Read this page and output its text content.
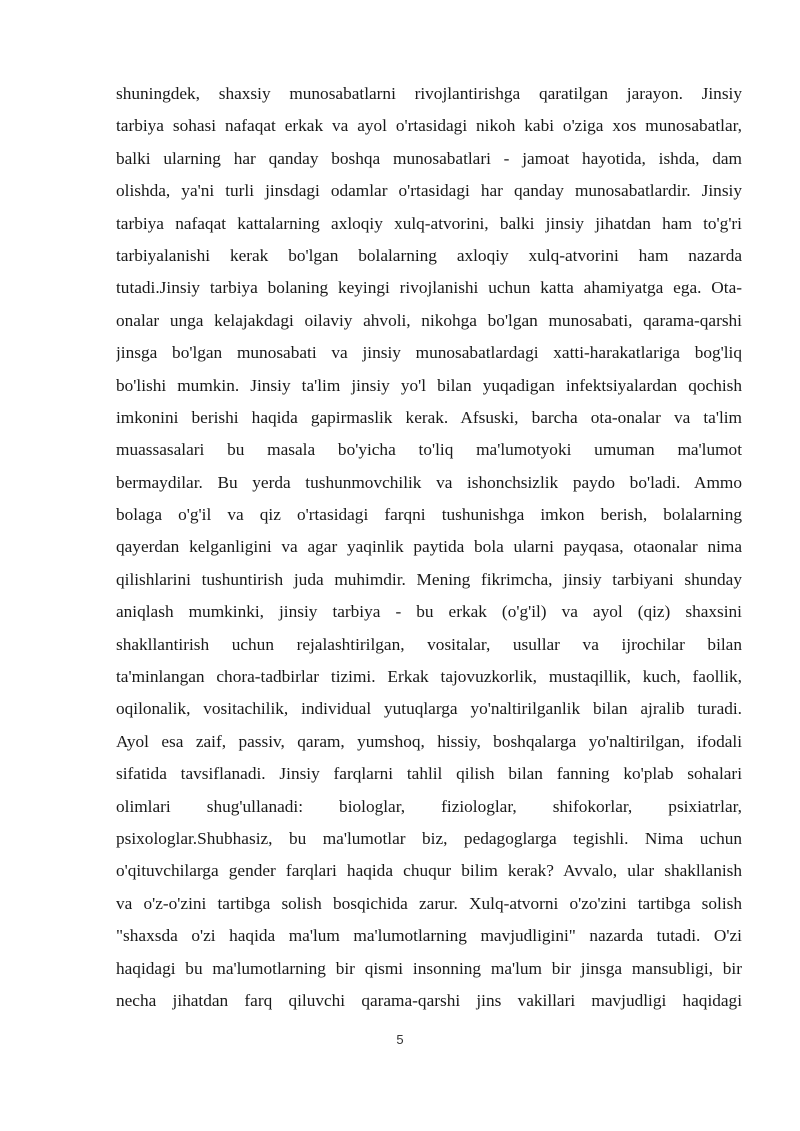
shuningdek, shaxsiy munosabatlarni rivojlantirishga qaratilgan jarayon. Jinsiy
tarbiya sohasi nafaqat erkak va ayol o'rtasidagi nikoh kabi o'ziga xos munosabatlar,
balki ularning har qanday boshqa munosabatlari - jamoat hayotida, ishda, dam
olishda, ya'ni turli jinsdagi odamlar o'rtasidagi har qanday munosabatlardir. Jinsiy
tarbiya nafaqat kattalarning axloqiy xulq-atvorini, balki jinsiy jihatdan ham to'g'ri
tarbiyalanishi kerak bo'lgan bolalarning axloqiy xulq-atvorini ham nazarda
tutadi.Jinsiy tarbiya bolaning keyingi rivojlanishi uchun katta ahamiyatga ega. Ota-
onalar unga kelajakdagi oilaviy ahvoli, nikohga bo'lgan munosabati, qarama-qarshi
jinsga bo'lgan munosabati va jinsiy munosabatlardagi xatti-harakatlariga bog'liq
bo'lishi mumkin. Jinsiy ta'lim jinsiy yo'l bilan yuqadigan infektsiyalardan qochish
imkonini berishi haqida gapirmaslik kerak. Afsuski, barcha ota-onalar va ta'lim
muassasalari bu masala bo'yicha to'liq ma'lumotyoki umuman ma'lumot
bermaydilar. Bu yerda tushunmovchilik va ishonchsizlik paydo bo'ladi. Ammo
bolaga o'g'il va qiz o'rtasidagi farqni tushunishga imkon berish, bolalarning
qayerdan kelganligini va agar yaqinlik paytida bola ularni payqasa, otaonalar nima
qilishlarini tushuntirish juda muhimdir. Mening fikrimcha, jinsiy tarbiyani shunday
aniqlash mumkinki, jinsiy tarbiya - bu erkak (o'g'il) va ayol (qiz) shaxsini
shakllantirish uchun rejalashtirilgan, vositalar, usullar va ijrochilar bilan
ta'minlangan chora-tadbirlar tizimi. Erkak tajovuzkorlik, mustaqillik, kuch, faollik,
oqilonalik, vositachilik, individual yutuqlarga yo'naltirilganlik bilan ajralib turadi.
Ayol esa zaif, passiv, qaram, yumshoq, hissiy, boshqalarga yo'naltirilgan, ifodali
sifatida tavsiflanadi. Jinsiy farqlarni tahlil qilish bilan fanning ko'plab sohalari
olimlari shug'ullanadi: biologlar, fiziologlar, shifokorlar, psixiatrlar,
psixologlar.Shubhasiz, bu ma'lumotlar biz, pedagoglarga tegishli. Nima uchun
o'qituvchilarga gender farqlari haqida chuqur bilim kerak? Avvalo, ular shakllanish
va o'z-o'zini tartibga solish bosqichida zarur. Xulq-atvorni o'zo'zini tartibga solish
"shaxsda o'zi haqida ma'lum ma'lumotlarning mavjudligini" nazarda tutadi. O'zi
haqidagi bu ma'lumotlarning bir qismi insonning ma'lum bir jinsga mansubligi, bir
necha jihatdan farq qiluvchi qarama-qarshi jins vakillari mavjudligi haqidagi
5
